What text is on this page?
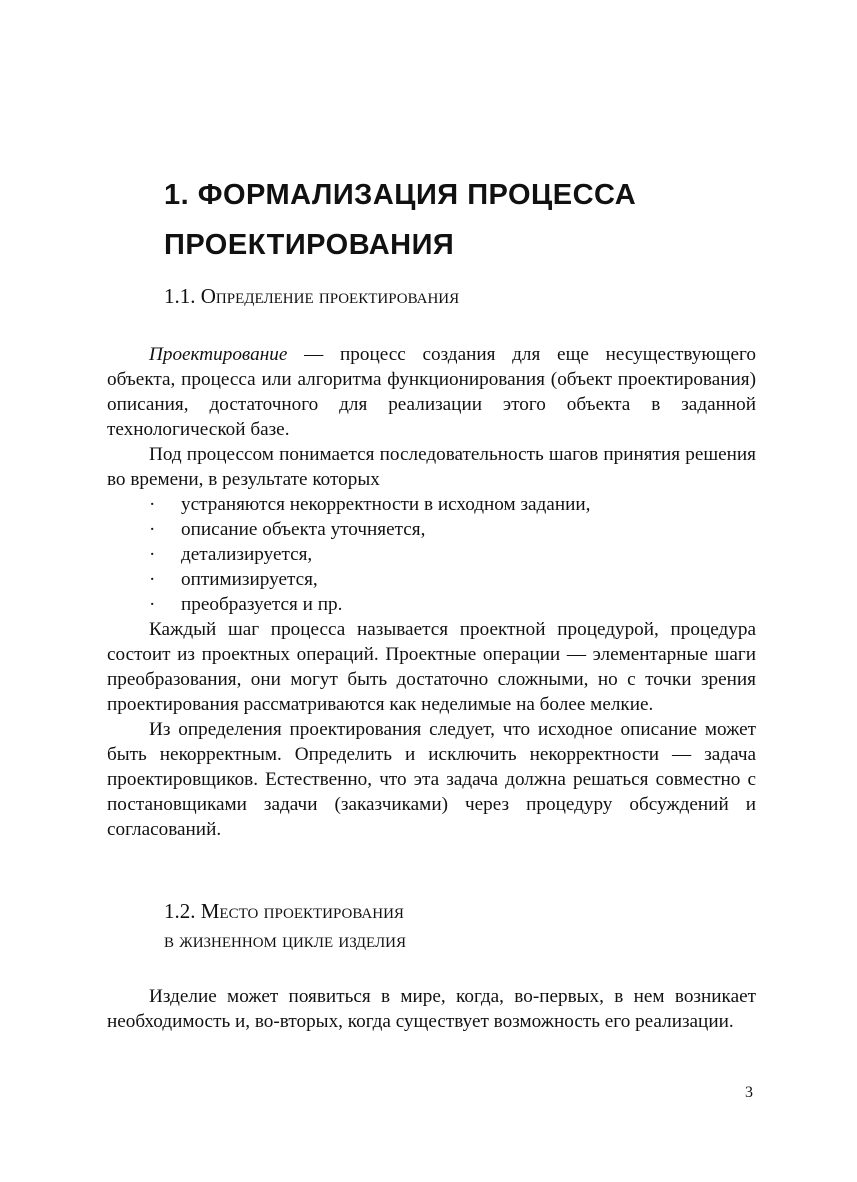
1. ФОРМАЛИЗАЦИЯ ПРОЦЕССА ПРОЕКТИРОВАНИЯ
1.1. Определение проектирования

Проектирование — процесс создания для еще несуществующего объекта, процесса или алгоритма функционирования (объект проектирования) описания, достаточного для реализации этого объекта в заданной технологической базе.

Под процессом понимается последовательность шагов принятия решения во времени, в результате которых

· устраняются некорректности в исходном задании,
· описание объекта уточняется,
· детализируется,
· оптимизируется,
· преобразуется и пр.

Каждый шаг процесса называется проектной процедурой, процедура состоит из проектных операций. Проектные операции — элементарные шаги преобразования, они могут быть достаточно сложными, но с точки зрения проектирования рассматриваются как неделимые на более мелкие.

Из определения проектирования следует, что исходное описание может быть некорректным. Определить и исключить некорректности — задача проектировщиков. Естественно, что эта задача должна решаться совместно с постановщиками задачи (заказчиками) через процедуру обсуждений и согласований.

1.2. Место проектирования
в жизненном цикле изделия

Изделие может появиться в мире, когда, во-первых, в нем возникает необходимость и, во-вторых, когда существует возможность его реализации.

3
